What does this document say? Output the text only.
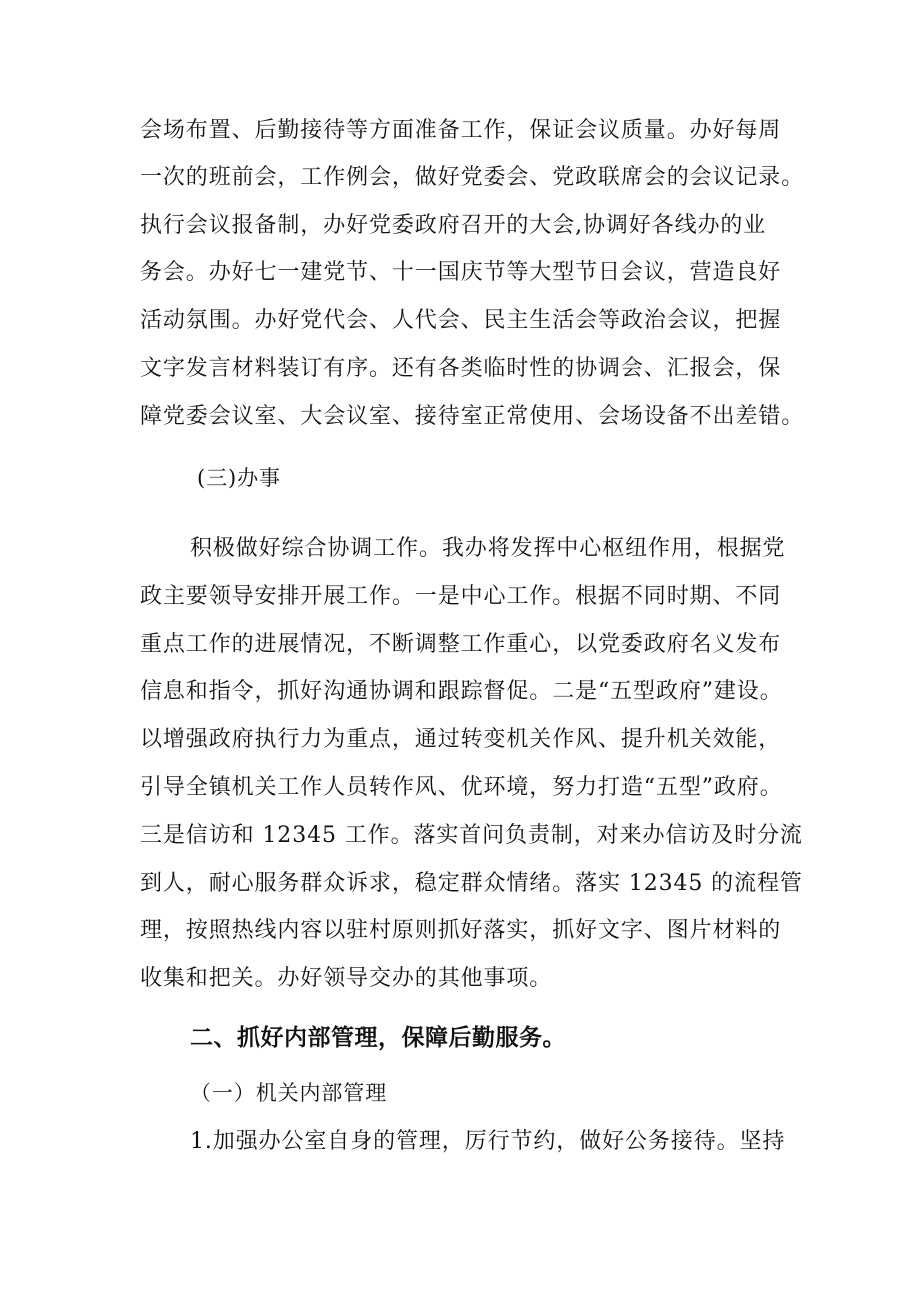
会场布置、后勤接待等方面准备工作，保证会议质量。办好每周
一次的班前会，工作例会，做好党委会、党政联席会的会议记录。
执行会议报备制，办好党委政府召开的大会,协调好各线办的业
务会。办好七一建党节、十一国庆节等大型节日会议，营造良好
活动氛围。办好党代会、人代会、民主生活会等政治会议，把握
文字发言材料装订有序。还有各类临时性的协调会、汇报会，保
障党委会议室、大会议室、接待室正常使用、会场设备不出差错。
(三)办事
积极做好综合协调工作。我办将发挥中心枢纽作用，根据党
政主要领导安排开展工作。一是中心工作。根据不同时期、不同
重点工作的进展情况，不断调整工作重心，以党委政府名义发布
信息和指令，抓好沟通协调和跟踪督促。二是“五型政府”建设。
以增强政府执行力为重点，通过转变机关作风、提升机关效能，
引导全镇机关工作人员转作风、优环境，努力打造“五型”政府。
三是信访和 12345 工作。落实首问负责制，对来办信访及时分流
到人，耐心服务群众诉求，稳定群众情绪。落实 12345 的流程管
理，按照热线内容以驻村原则抓好落实，抓好文字、图片材料的
收集和把关。办好领导交办的其他事项。
二、抓好内部管理，保障后勤服务。
（一）机关内部管理
1.加强办公室自身的管理，厉行节约，做好公务接待。坚持
